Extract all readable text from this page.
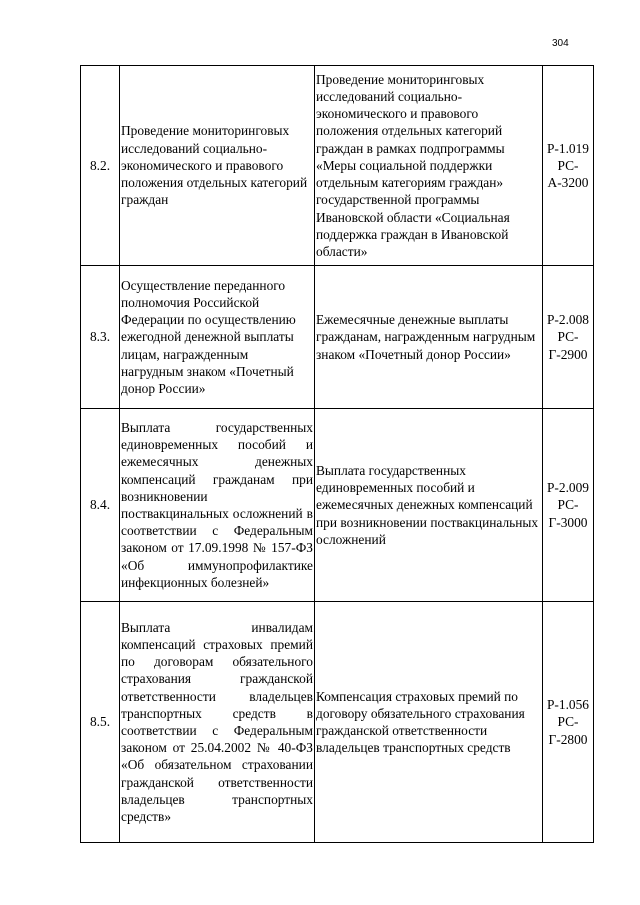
304
8.2.	Проведение мониторинговых исследований социально-экономического и правового положения отдельных категорий граждан	Проведение мониторинговых исследований социально-экономического и правового положения отдельных категорий граждан в рамках подпрограммы «Меры социальной поддержки отдельным категориям граждан» государственной программы Ивановской области «Социальная поддержка граждан в Ивановской области»	Р-1.019 РС-А-3200
8.3.	Осуществление переданного полномочия Российской Федерации по осуществлению ежегодной денежной выплаты лицам, награжденным нагрудным знаком «Почетный донор России»	Ежемесячные денежные выплаты гражданам, награжденным нагрудным знаком «Почетный донор России»	Р-2.008 РС-Г-2900
8.4.	Выплата государственных единовременных пособий и ежемесячных денежных компенсаций гражданам при возникновении поствакцинальных осложнений в соответствии с Федеральным законом от 17.09.1998 № 157-ФЗ «Об иммунопрофилактике инфекционных болезней»	Выплата государственных единовременных пособий и ежемесячных денежных компенсаций при возникновении поствакцинальных осложнений	Р-2.009 РС-Г-3000
8.5.	Выплата инвалидам компенсаций страховых премий по договорам обязательного страхования гражданской ответственности владельцев транспортных средств в соответствии с Федеральным законом от 25.04.2002 № 40-ФЗ «Об обязательном страховании гражданской ответственности владельцев транспортных средств»	Компенсация страховых премий по договору обязательного страхования гражданской ответственности владельцев транспортных средств	Р-1.056 РС-Г-2800
